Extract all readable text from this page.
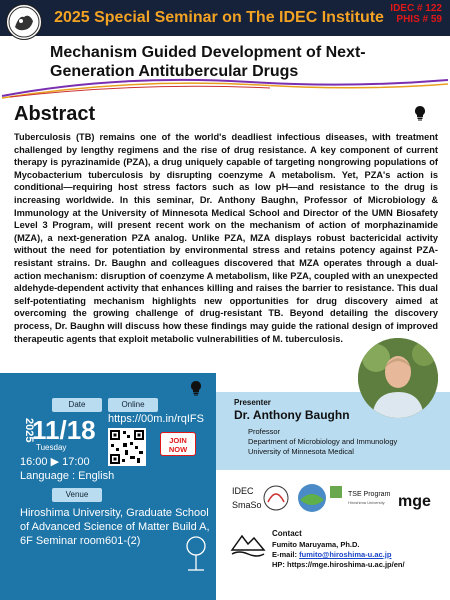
2025 Special Seminar on The IDEC Institute
IDEC # 122
PHIS # 59
Mechanism Guided Development of Next-Generation Antitubercular Drugs
Abstract
Tuberculosis (TB) remains one of the world's deadliest infectious diseases, with treatment challenged by lengthy regimens and the rise of drug resistance. A key component of current therapy is pyrazinamide (PZA), a drug uniquely capable of targeting nongrowing populations of Mycobacterium tuberculosis by disrupting coenzyme A metabolism. Yet, PZA's action is conditional—requiring host stress factors such as low pH—and resistance to the drug is increasing worldwide. In this seminar, Dr. Anthony Baughn, Professor of Microbiology & Immunology at the University of Minnesota Medical School and Director of the UMN Biosafety Level 3 Program, will present recent work on the mechanism of action of morphazinamide (MZA), a next-generation PZA analog. Unlike PZA, MZA displays robust bactericidal activity without the need for potentiation by environmental stress and retains potency against PZA-resistant strains. Dr. Baughn and colleagues discovered that MZA operates through a dual-action mechanism: disruption of coenzyme A metabolism, like PZA, coupled with an unexpected aldehyde-dependent activity that enhances killing and raises the barrier to resistance. This dual self-potentiating mechanism highlights new opportunities for drug discovery aimed at overcoming the growing challenge of drug-resistant TB. Beyond detailing the discovery process, Dr. Baughn will discuss how these findings may guide the rational design of improved therapeutic agents that exploit metabolic vulnerabilities of M. tuberculosis.
Date	Online
2025
11/18
Tuesday
16:00 ▶ 17:00
Language : English
https://00m.in/rqIFS
JOIN NOW
Venue
Hiroshima University, Graduate School of Advanced Science of Matter Build A, 6F Seminar room601-(2)
Presenter
Dr. Anthony Baughn
Professor
Department of Microbiology and Immunology
University of Minnesota Medical
IDEC
SmaSo
TSE Program
Hiroshima University mge
Contact
Fumito Maruyama, Ph.D.
E-mail: fumito@hiroshima-u.ac.jp
HP: https://mge.hiroshima-u.ac.jp/en/
